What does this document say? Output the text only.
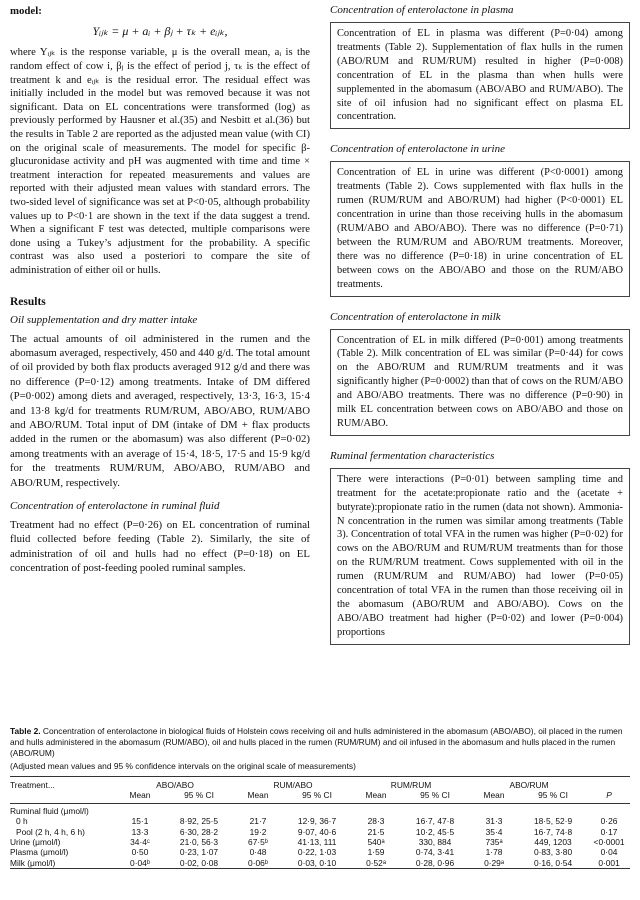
model:

Yᵢⱼₖ = μ + aᵢ + βⱼ + τₖ + eᵢⱼₖ,

where Yᵢⱼₖ is the response variable, μ is the overall mean, aᵢ is the random effect of cow i, βⱼ is the effect of period j, τₖ is the effect of treatment k and eᵢⱼₖ is the residual error. The residual effect was initially included in the model but was removed because it was not significant. Data on EL concentrations were transformed (log) as previously performed by Hausner et al.(35) and Nesbitt et al.(36) but the results in Table 2 are reported as the adjusted mean value (with CI) on the original scale of measurements. The model for specific β-glucuronidase activity and pH was augmented with time and time × treatment interaction for repeated measurements and values are reported with their adjusted mean values with standard errors. The two-sided level of significance was set at P<0·05, although probability values up to P<0·1 are shown in the text if the data suggest a trend. When a significant F test was detected, multiple comparisons were done using a Tukey’s adjustment for the probability. A specific contrast was also used a posteriori to compare the site of administration of either oil or hulls.

Results

Oil supplementation and dry matter intake

The actual amounts of oil administered in the rumen and the abomasum averaged, respectively, 450 and 440 g/d. The total amount of oil provided by both flax products averaged 912 g/d and there was no difference (P=0·12) among treatments. Intake of DM differed (P=0·002) among diets and averaged, respectively, 13·3, 16·3, 15·4 and 13·8 kg/d for treatments RUM/RUM, ABO/ABO, RUM/ABO and ABO/RUM. Total input of DM (intake of DM + flax products added in the rumen or the abomasum) was also different (P=0·02) among treatments with an average of 15·4, 18·5, 17·5 and 15·9 kg/d for the treatments RUM/RUM, ABO/ABO, RUM/ABO and ABO/RUM, respectively.

Concentration of enterolactone in ruminal fluid

Treatment had no effect (P=0·26) on EL concentration of ruminal fluid collected before feeding (Table 2). Similarly, the site of administration of oil and hulls had no effect (P=0·18) on EL concentration of post-feeding pooled ruminal samples.

Concentration of enterolactone in plasma

Concentration of EL in plasma was different (P=0·04) among treatments (Table 2). Supplementation of flax hulls in the rumen (ABO/RUM and RUM/RUM) resulted in higher (P=0·008) concentration of EL in the plasma than when hulls were supplemented in the abomasum (ABO/ABO and RUM/ABO). The site of oil infusion had no significant effect on plasma EL concentration.

Concentration of enterolactone in urine

Concentration of EL in urine was different (P<0·0001) among treatments (Table 2). Cows supplemented with flax hulls in the rumen (RUM/RUM and ABO/RUM) had higher (P<0·0001) EL concentration in urine than those receiving hulls in the abomasum (RUM/ABO and ABO/ABO). There was no difference (P=0·71) between the RUM/RUM and ABO/RUM treatments. Moreover, there was no difference (P=0·18) in urine concentration of EL between cows on the ABO/ABO and those on the RUM/ABO treatments.

Concentration of enterolactone in milk

Concentration of EL in milk differed (P=0·001) among treatments (Table 2). Milk concentration of EL was similar (P=0·44) for cows on the ABO/RUM and RUM/RUM treatments and it was significantly higher (P=0·0002) than that of cows on the RUM/ABO and ABO/ABO treatments. There was no difference (P=0·90) in milk EL concentration between cows on ABO/ABO and those on RUM/ABO.

Ruminal fermentation characteristics

There were interactions (P=0·01) between sampling time and treatment for the acetate:propionate ratio and the (acetate + butyrate):propionate ratio in the rumen (data not shown). Ammonia-N concentration in the rumen was similar among treatments (Table 3). Concentration of total VFA in the rumen was higher (P=0·02) for cows on the ABO/RUM and RUM/RUM treatments than for those on the RUM/RUM treatment. Cows supplemented with oil in the rumen (RUM/RUM and RUM/ABO) had lower (P=0·05) concentration of total VFA in the rumen than those receiving oil in the abomasum (ABO/RUM and ABO/ABO). Cows on the ABO/ABO treatment had higher (P=0·02) and lower (P=0·004) proportions

Table 2. Concentration of enterolactone in biological fluids of Holstein cows receiving oil and hulls administered in the abomasum (ABO/ABO), oil placed in the rumen and hulls administered in the abomasum (RUM/ABO), oil and hulls placed in the rumen (RUM/RUM) and oil infused in the abomasum and hulls placed in the rumen (ABO/RUM)

(Adjusted mean values and 95 % confidence intervals on the original scale of measurements)

Treatment...	ABO/ABO		RUM/ABO		RUM/RUM		ABO/RUM		
	Mean	95 % CI	Mean	95 % CI	Mean	95 % CI	Mean	95 % CI	P

Ruminal fluid (μmol/l)									
0 h	15·1	8·92, 25·5	21·7	12·9, 36·7	28·3	16·7, 47·8	31·3	18·5, 52·9	0·26
Pool (2 h, 4 h, 6 h)	13·3	6·30, 28·2	19·2	9·07, 40·6	21·5	10·2, 45·5	35·4	16·7, 74·8	0·17
Urine (μmol/l)	34·4ᶜ	21·0, 56·3	67·5ᵇ	41·13, 111	540ᵃ	330, 884	735ᵃ	449, 1203	<0·0001
Plasma (μmol/l)	0·50	0·23, 1·07	0·48	0·22, 1·03	1·59	0·74, 3·41	1·78	0·83, 3·80	0·04
Milk (μmol/l)	0·04ᵇ	0·02, 0·08	0·06ᵇ	0·03, 0·10	0·52ᵃ	0·28, 0·96	0·29ᵃ	0·16, 0·54	0·001
